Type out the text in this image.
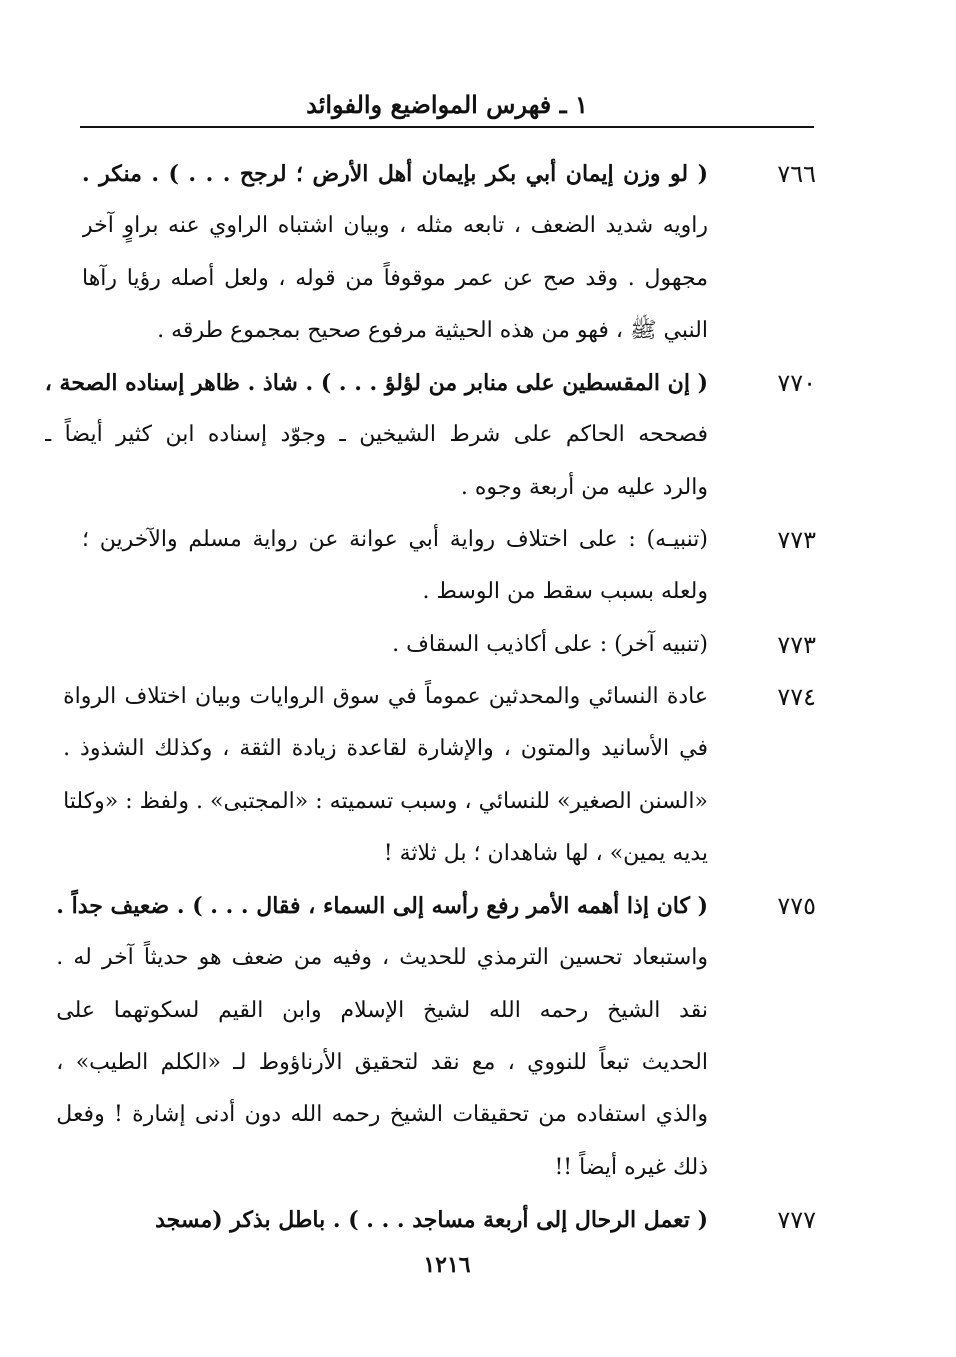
١ ـ فهرس المواضيع والفوائد
٧٦٦
( لو وزن إيمان أبي بكر بإيمان أهل الأرض ؛ لرجح . . . ) . منكر .
راويه شديد الضعف ، تابعه مثله ، وبيان اشتباه الراوي عنه براوٍ آخر
مجهول . وقد صح عن عمر موقوفاً من قوله ، ولعل أصله رؤيا رآها
النبي ﷺ ، فهو من هذه الحيثية مرفوع صحيح بمجموع طرقه .
٧٧٠
( إن المقسطين على منابر من لؤلؤ . . . ) . شاذ . ظاهر إسناده الصحة ،
فصححه الحاكم على شرط الشيخين ـ وجوّد إسناده ابن كثير أيضاً ـ
والرد عليه من أربعة وجوه .
٧٧٣
(تنبيـه) : على اختلاف رواية أبي عوانة عن رواية مسلم والآخرين ؛
ولعله بسبب سقط من الوسط .
٧٧٣
(تنبيه آخر) : على أكاذيب السقاف .
٧٧٤
عادة النسائي والمحدثين عموماً في سوق الروايات وبيان اختلاف الرواة
في الأسانيد والمتون ، والإشارة لقاعدة زيادة الثقة ، وكذلك الشذوذ .
«السنن الصغير» للنسائي ، وسبب تسميته : «المجتبى» . ولفظ : «وكلتا
يديه يمين» ، لها شاهدان ؛ بل ثلاثة !
٧٧٥
( كان إذا أهمه الأمر رفع رأسه إلى السماء ، فقال . . . ) . ضعيف جداً .
واستبعاد تحسين الترمذي للحديث ، وفيه من ضعف هو حديثاً آخر له .
نقد الشيخ رحمه الله لشيخ الإسلام وابن القيم لسكوتهما على
الحديث تبعاً للنووي ، مع نقد لتحقيق الأرناؤوط لـ «الكلم الطيب» ،
والذي استفاده من تحقيقات الشيخ رحمه الله دون أدنى إشارة ! وفعل
ذلك غيره أيضاً !!
٧٧٧
( تعمل الرحال إلى أربعة مساجد . . . ) . باطل بذكر (مسجد
١٢١٦
